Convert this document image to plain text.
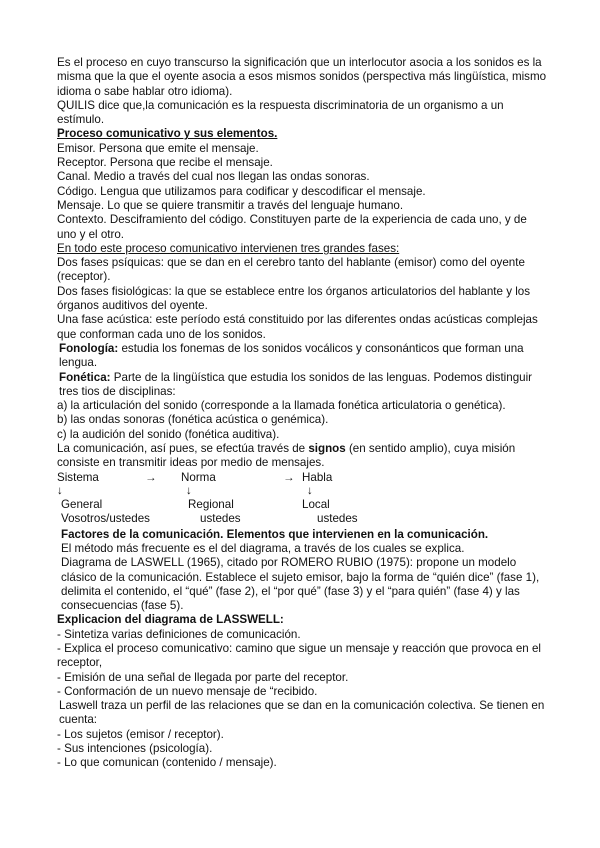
Es el proceso en cuyo transcurso la significación que un interlocutor asocia a los sonidos es la misma que la que el oyente asocia a esos mismos sonidos (perspectiva más lingüística, mismo idioma o sabe hablar otro idioma).

QUILIS dice que,la comunicación es la respuesta discriminatoria de un organismo a un estímulo.

Proceso comunicativo y sus elementos.

Emisor. Persona que emite el mensaje.

Receptor. Persona que recibe el mensaje.

Canal. Medio a través del cual nos llegan las ondas sonoras.

Código. Lengua que utilizamos para codificar y descodificar el mensaje.

Mensaje. Lo que se quiere transmitir a través del lenguaje humano.

Contexto. Desciframiento del código. Constituyen parte de la experiencia de cada uno, y de uno y el otro.

En todo este proceso comunicativo intervienen tres grandes fases:

Dos fases psíquicas: que se dan en el cerebro tanto del hablante (emisor) como del oyente (receptor).

Dos fases fisiológicas: la que se establece entre los órganos articulatorios del hablante y los órganos auditivos del oyente.

Una fase acústica: este período está constituido por las diferentes ondas acústicas complejas que conforman cada uno de los sonidos.

Fonología: estudia los fonemas de los sonidos vocálicos y consonánticos que forman una lengua.

Fonética: Parte de la lingüística que estudia los sonidos de las lenguas. Podemos distinguir tres tios de disciplinas:

a) la articulación del sonido (corresponde a la llamada fonética articulatoria o genética).

b) las ondas sonoras (fonética acústica o genémica).

c) la audición del sonido (fonética auditiva).

La comunicación, así pues, se efectúa través de signos (en sentido amplio), cuya misión consiste en transmitir ideas por medio de mensajes.

Sistema	→ Norma	→ Habla
↓	↓	↓
General	Regional	Local
Vosotros/ustedes	ustedes	ustedes

Factores de la comunicación. Elementos que intervienen en la comunicación.

El método más frecuente es el del diagrama, a través de los cuales se explica.

Diagrama de LASWELL (1965), citado por ROMERO RUBIO (1975): propone un modelo clásico de la comunicación. Establece el sujeto emisor, bajo la forma de “quién dice” (fase 1), delimita el contenido, el “qué” (fase 2), el “por qué” (fase 3) y el “para quién” (fase 4) y las consecuencias (fase 5).

Explicacion del diagrama de LASSWELL:

- Sintetiza varias definiciones de comunicación.

- Explica el proceso comunicativo: camino que sigue un mensaje y reacción que provoca en el receptor,

- Emisión de una señal de llegada por parte del receptor.

- Conformación de un nuevo mensaje de “recibido.

Laswell traza un perfil de las relaciones que se dan en la comunicación colectiva. Se tienen en cuenta:

- Los sujetos (emisor / receptor).

- Sus intenciones (psicología).

- Lo que comunican (contenido / mensaje).
